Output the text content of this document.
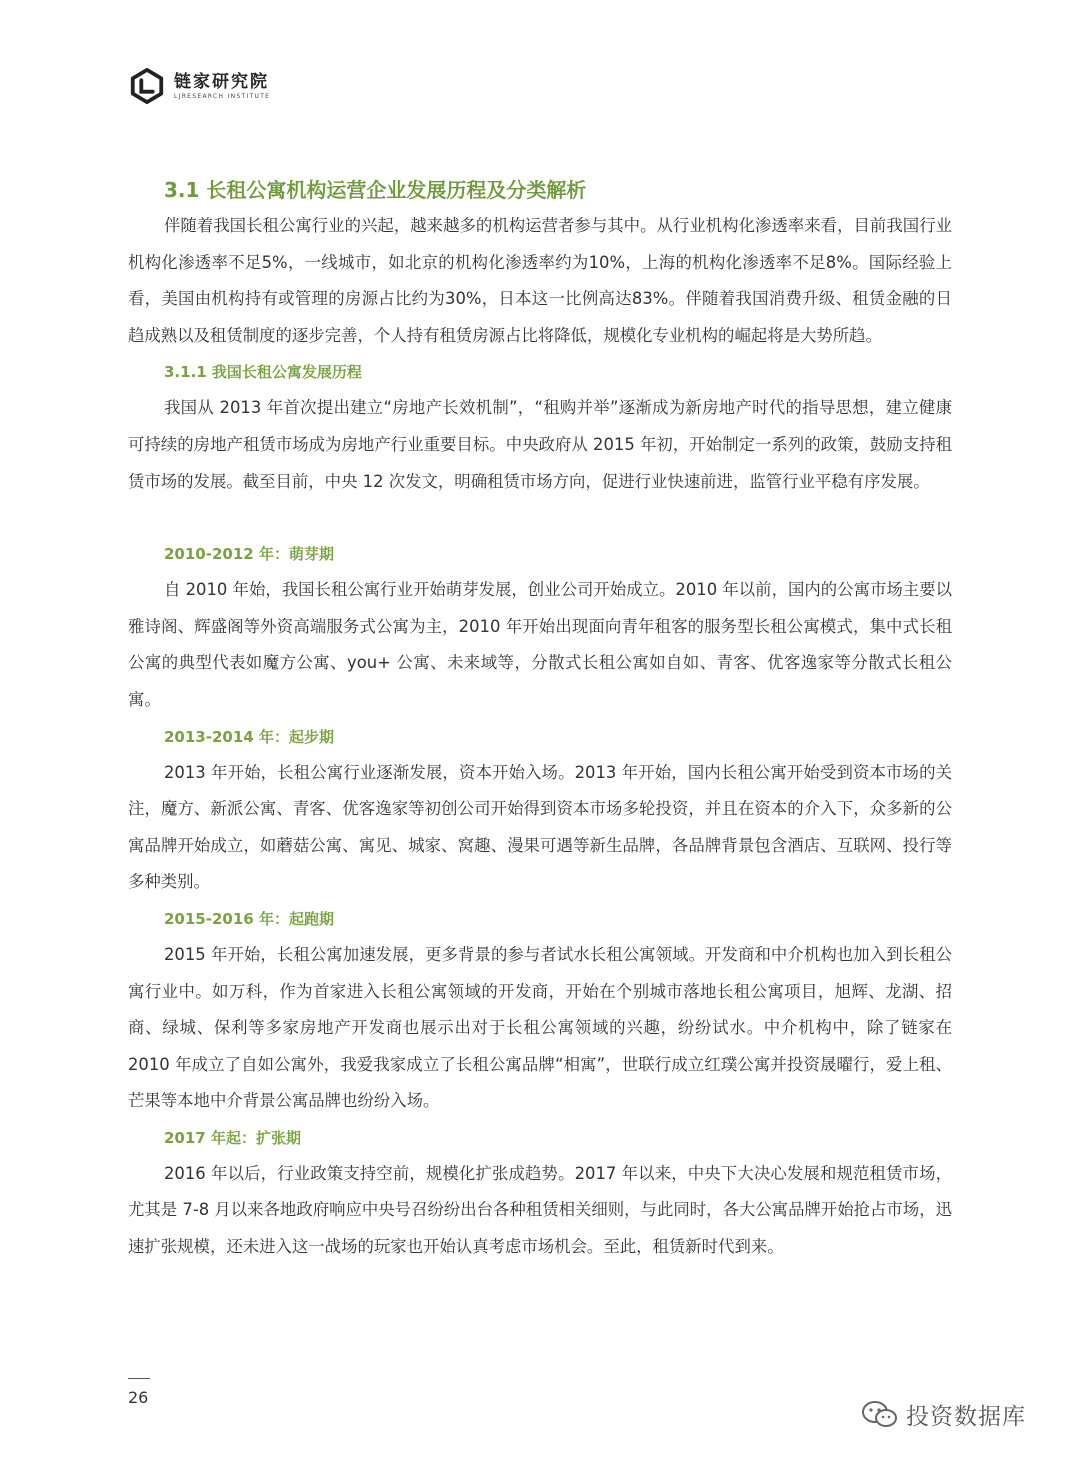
链家研究院
LJRESEARCH INSTITUTE
3.1 长租公寓机构运营企业发展历程及分类解析
伴随着我国长租公寓行业的兴起，越来越多的机构运营者参与其中。从行业机构化渗透率来看，目前我国行业机构化渗透率不足5%，一线城市，如北京的机构化渗透率约为10%，上海的机构化渗透率不足8%。国际经验上看，美国由机构持有或管理的房源占比约为30%，日本这一比例高达83%。伴随着我国消费升级、租赁金融的日趋成熟以及租赁制度的逐步完善，个人持有租赁房源占比将降低，规模化专业机构的崛起将是大势所趋。
3.1.1 我国长租公寓发展历程
我国从 2013 年首次提出建立“房地产长效机制”，“租购并举”逐渐成为新房地产时代的指导思想，建立健康可持续的房地产租赁市场成为房地产行业重要目标。中央政府从 2015 年初，开始制定一系列的政策，鼓励支持租赁市场的发展。截至目前，中央 12 次发文，明确租赁市场方向，促进行业快速前进，监管行业平稳有序发展。
2010-2012 年：萌芽期
自 2010 年始，我国长租公寓行业开始萌芽发展，创业公司开始成立。2010 年以前，国内的公寓市场主要以雅诗阁、辉盛阁等外资高端服务式公寓为主，2010 年开始出现面向青年租客的服务型长租公寓模式，集中式长租公寓的典型代表如魔方公寓、you+ 公寓、未来域等，分散式长租公寓如自如、青客、优客逸家等分散式长租公寓。
2013-2014 年：起步期
2013 年开始，长租公寓行业逐渐发展，资本开始入场。2013 年开始，国内长租公寓开始受到资本市场的关注，魔方、新派公寓、青客、优客逸家等初创公司开始得到资本市场多轮投资，并且在资本的介入下，众多新的公寓品牌开始成立，如蘑菇公寓、寓见、城家、窝趣、漫果可遇等新生品牌，各品牌背景包含酒店、互联网、投行等多种类别。
2015-2016 年：起跑期
2015 年开始，长租公寓加速发展，更多背景的参与者试水长租公寓领域。开发商和中介机构也加入到长租公寓行业中。如万科，作为首家进入长租公寓领域的开发商，开始在个别城市落地长租公寓项目，旭辉、龙湖、招商、绿城、保利等多家房地产开发商也展示出对于长租公寓领域的兴趣，纷纷试水。中介机构中，除了链家在 2010 年成立了自如公寓外，我爱我家成立了长租公寓品牌“相寓”，世联行成立红璞公寓并投资晟曜行，爱上租、芒果等本地中介背景公寓品牌也纷纷入场。
2017 年起：扩张期
2016 年以后，行业政策支持空前，规模化扩张成趋势。2017 年以来，中央下大决心发展和规范租赁市场，尤其是 7-8 月以来各地政府响应中央号召纷纷出台各种租赁相关细则，与此同时，各大公寓品牌开始抢占市场，迅速扩张规模，还未进入这一战场的玩家也开始认真考虑市场机会。至此，租赁新时代到来。
26
投资数据库
